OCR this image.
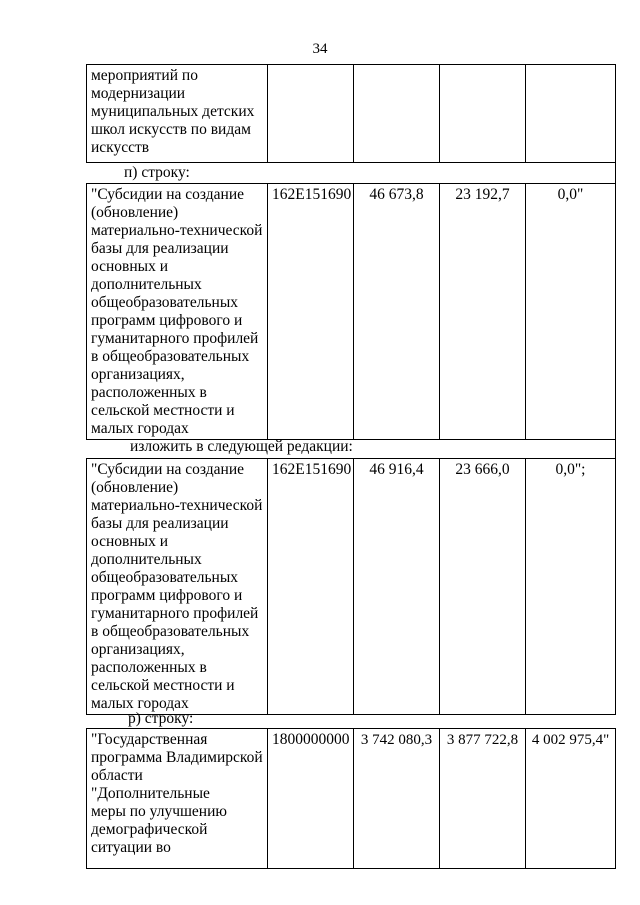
34
мероприятий по
модернизации
муниципальных детских
школ искусств по видам
искусств				
п) строку:
"Субсидии на создание
(обновление)
материально-технической
базы для реализации
основных и
дополнительных
общеобразовательных
программ цифрового и
гуманитарного профилей
в общеобразовательных
организациях,
расположенных в
сельской местности и
малых городах	162Е151690	46 673,8	23 192,7	0,0"
изложить в следующей редакции:
"Субсидии на создание
(обновление)
материально-технической
базы для реализации
основных и
дополнительных
общеобразовательных
программ цифрового и
гуманитарного профилей
в общеобразовательных
организациях,
расположенных в
сельской местности и
малых городах	162Е151690	46 916,4	23 666,0	0,0";
р) строку:
"Государственная
программа Владимирской
области "Дополнительные
меры по улучшению
демографической
ситуации во	1800000000	3 742 080,3	3 877 722,8	4 002 975,4"
